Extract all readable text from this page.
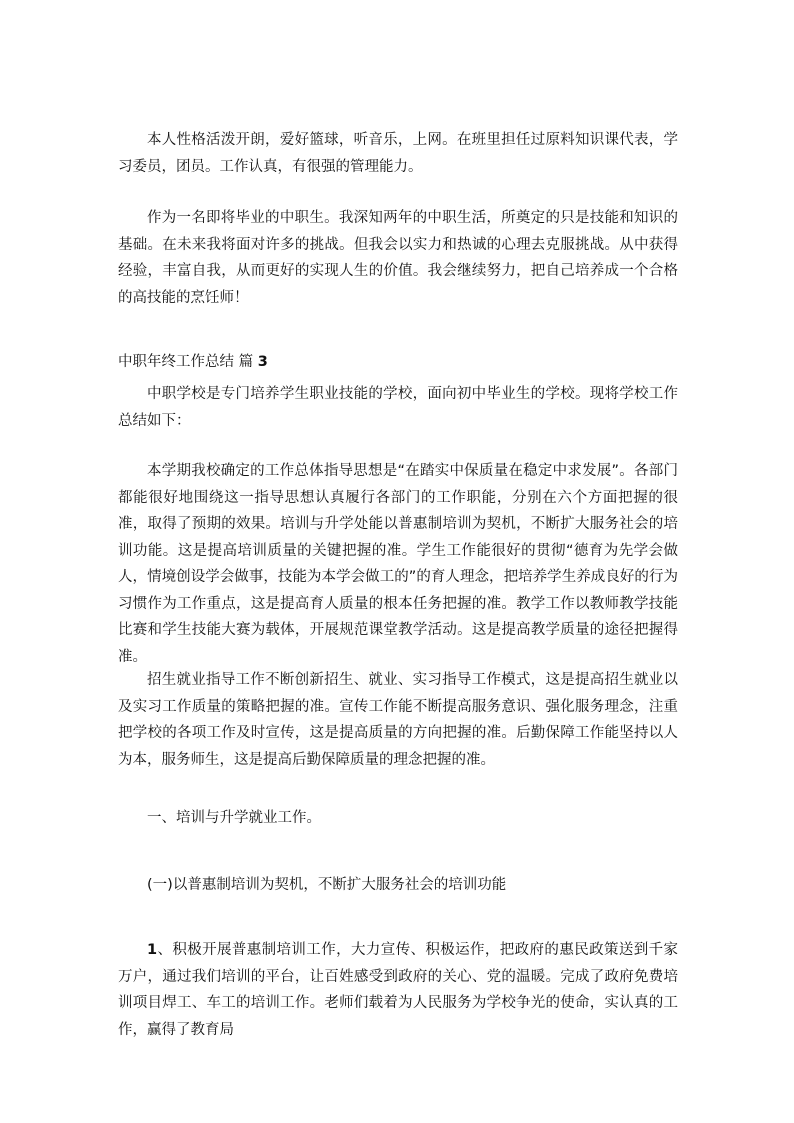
本人性格活泼开朗，爱好篮球，听音乐，上网。在班里担任过原料知识课代表，学习委员，团员。工作认真，有很强的管理能力。

作为一名即将毕业的中职生。我深知两年的中职生活，所奠定的只是技能和知识的基础。在未来我将面对许多的挑战。但我会以实力和热诚的心理去克服挑战。从中获得经验，丰富自我，从而更好的实现人生的价值。我会继续努力，把自己培养成一个合格的高技能的烹饪师！

中职年终工作总结 篇 3

中职学校是专门培养学生职业技能的学校，面向初中毕业生的学校。现将学校工作总结如下：

本学期我校确定的工作总体指导思想是“在踏实中保质量在稳定中求发展”。各部门都能很好地围绕这一指导思想认真履行各部门的工作职能，分别在六个方面把握的很准，取得了预期的效果。培训与升学处能以普惠制培训为契机，不断扩大服务社会的培训功能。这是提高培训质量的关键把握的准。学生工作能很好的贯彻“德育为先学会做人，情境创设学会做事，技能为本学会做工的”的育人理念，把培养学生养成良好的行为习惯作为工作重点，这是提高育人质量的根本任务把握的准。教学工作以教师教学技能比赛和学生技能大赛为载体，开展规范课堂教学活动。这是提高教学质量的途径把握得准。

招生就业指导工作不断创新招生、就业、实习指导工作模式，这是提高招生就业以及实习工作质量的策略把握的准。宣传工作能不断提高服务意识、强化服务理念，注重把学校的各项工作及时宣传，这是提高质量的方向把握的准。后勤保障工作能坚持以人为本，服务师生，这是提高后勤保障质量的理念把握的准。

一、培训与升学就业工作。

(一)以普惠制培训为契机，不断扩大服务社会的培训功能

1、积极开展普惠制培训工作，大力宣传、积极运作，把政府的惠民政策送到千家万户，通过我们培训的平台，让百姓感受到政府的关心、党的温暖。完成了政府免费培训项目焊工、车工的培训工作。老师们载着为人民服务为学校争光的使命，实认真的工作，赢得了教育局
